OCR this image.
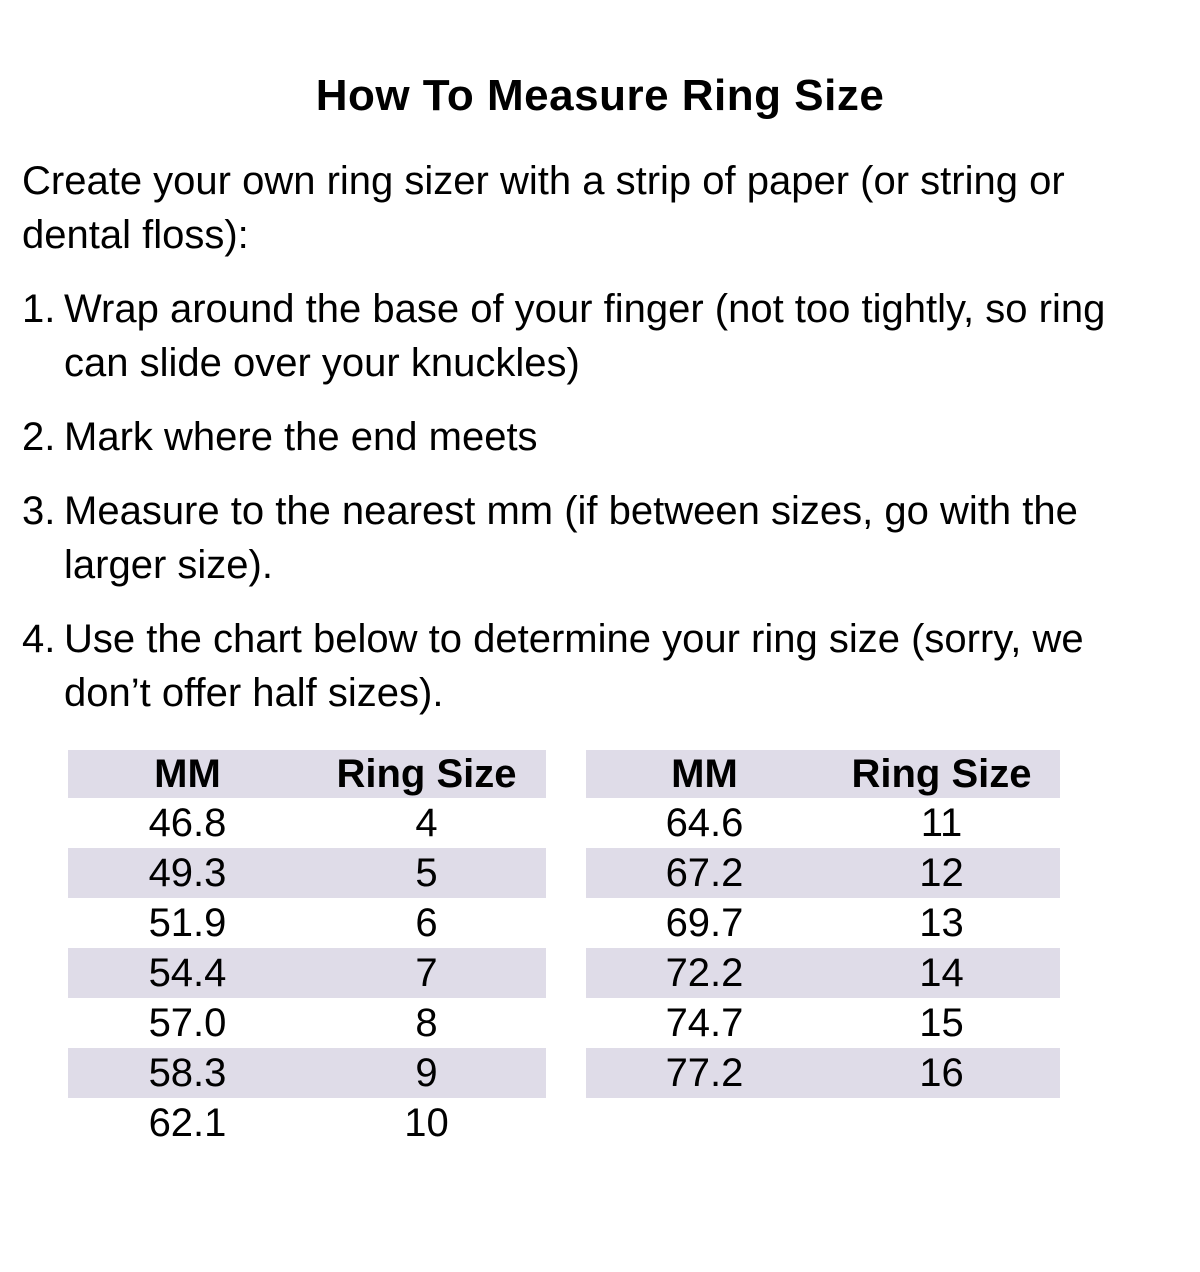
How To Measure Ring Size

Create your own ring sizer with a strip of paper (or string or
dental floss):

1. Wrap around the base of your finger (not too tightly, so ring
can slide over your knuckles)
2. Mark where the end meets
3. Measure to the nearest mm (if between sizes, go with the
larger size).
4. Use the chart below to determine your ring size (sorry, we
don’t offer half sizes).
MM	Ring Size
46.8	4
49.3	5
51.9	6
54.4	7
57.0	8
58.3	9
62.1	10
MM	Ring Size
64.6	11
67.2	12
69.7	13
72.2	14
74.7	15
77.2	16
